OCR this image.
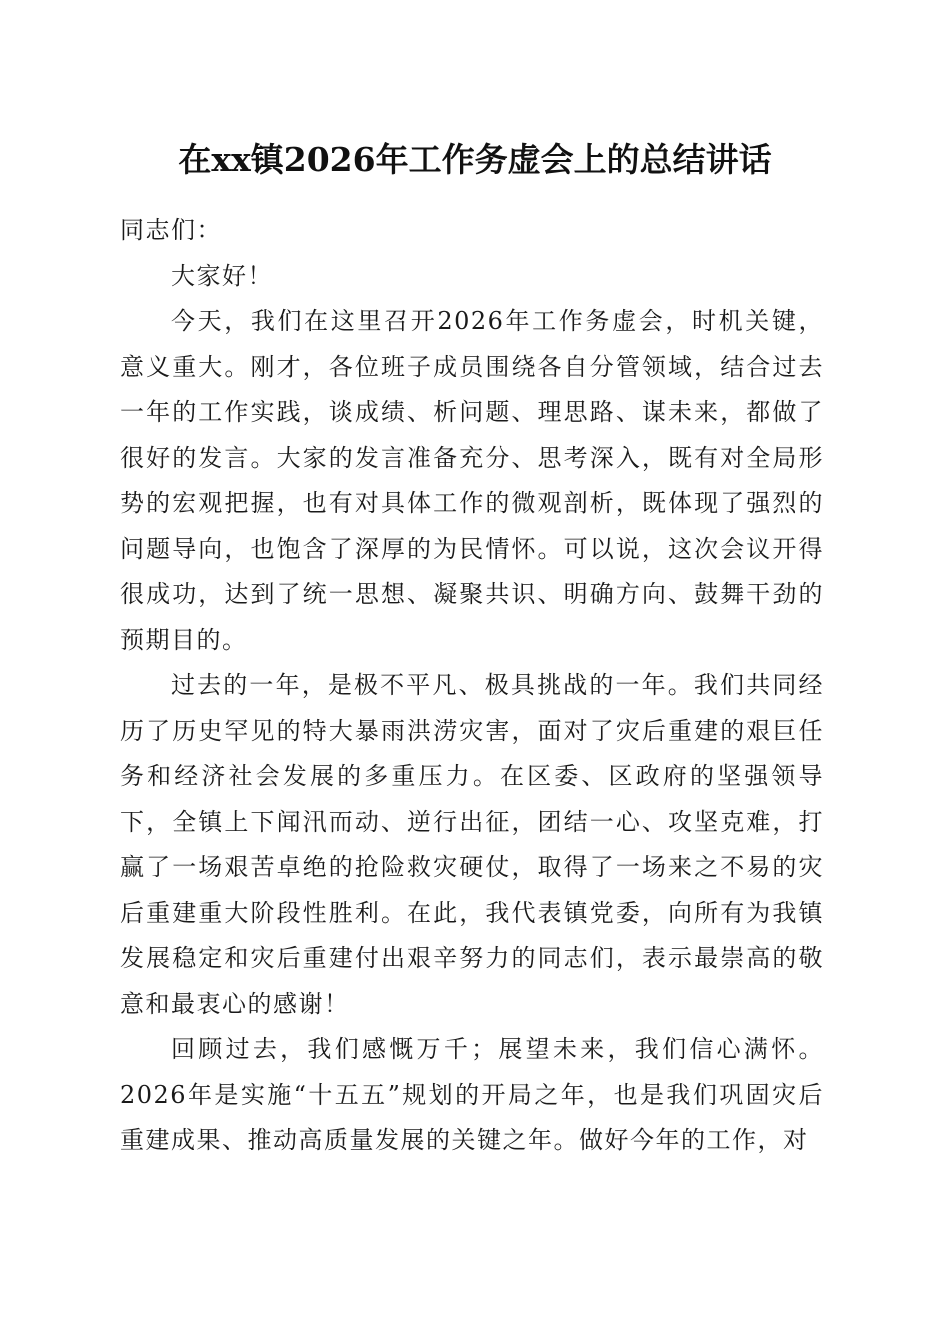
在xx镇2026年工作务虚会上的总结讲话

同志们：

大家好！

今天，我们在这里召开2026年工作务虚会，时机关键，意义重大。刚才，各位班子成员围绕各自分管领域，结合过去一年的工作实践，谈成绩、析问题、理思路、谋未来，都做了很好的发言。大家的发言准备充分、思考深入，既有对全局形势的宏观把握，也有对具体工作的微观剖析，既体现了强烈的问题导向，也饱含了深厚的为民情怀。可以说，这次会议开得很成功，达到了统一思想、凝聚共识、明确方向、鼓舞干劲的预期目的。

过去的一年，是极不平凡、极具挑战的一年。我们共同经历了历史罕见的特大暴雨洪涝灾害，面对了灾后重建的艰巨任务和经济社会发展的多重压力。在区委、区政府的坚强领导下，全镇上下闻汛而动、逆行出征，团结一心、攻坚克难，打赢了一场艰苦卓绝的抢险救灾硬仗，取得了一场来之不易的灾后重建重大阶段性胜利。在此，我代表镇党委，向所有为我镇发展稳定和灾后重建付出艰辛努力的同志们，表示最崇高的敬意和最衷心的感谢！

回顾过去，我们感慨万千；展望未来，我们信心满怀。2026年是实施“十五五”规划的开局之年，也是我们巩固灾后重建成果、推动高质量发展的关键之年。做好今年的工作，对
